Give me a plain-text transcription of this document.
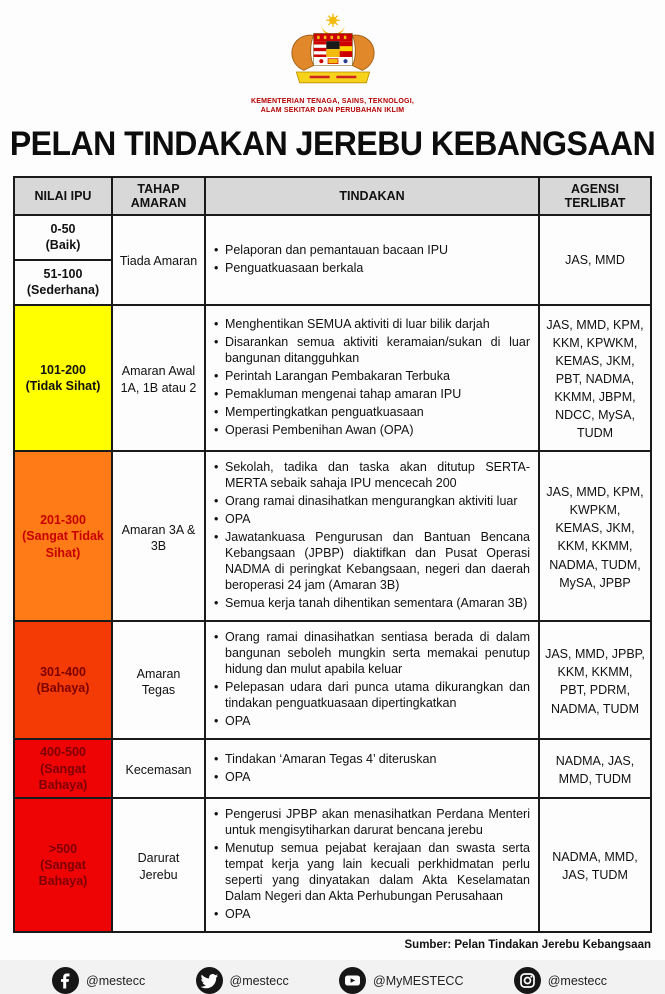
KEMENTERIAN TENAGA, SAINS, TEKNOLOGI,
ALAM SEKITAR DAN PERUBAHAN IKLIM
PELAN TINDAKAN JEREBU KEBANGSAAN
NILAI IPU	TAHAP AMARAN	TINDAKAN	AGENSI TERLIBAT

0-50
(Baik)
	Tiada Amaran	
• Pelaporan dan pemantauan bacaan IPU
• Penguatkuasaan berkala
	JAS, MMD

51-100
(Sederhana)			

101-200
(Tidak Sihat)
	Amaran Awal 1A, 1B atau 2	
• Menghentikan SEMUA aktiviti di luar bilik darjah
• Disarankan semua aktiviti keramaian/sukan di luar bangunan ditangguhkan
• Perintah Larangan Pembakaran Terbuka
• Pemakluman mengenai tahap amaran IPU
• Mempertingkatkan penguatkuasaan
• Operasi Pembenihan Awan (OPA)
	JAS, MMD, KPM, KKM, KPWKM, KEMAS, JKM, PBT, NADMA, KKMM, JBPM, NDCC, MySA, TUDM

201-300
(Sangat Tidak Sihat)
	Amaran 3A & 3B	
• Sekolah, tadika dan taska akan ditutup SERTA-MERTA sebaik sahaja IPU mencecah 200
• Orang ramai dinasihatkan mengurangkan aktiviti luar
• OPA
• Jawatankuasa Pengurusan dan Bantuan Bencana Kebangsaan (JPBP) diaktifkan dan Pusat Operasi NADMA di peringkat Kebangsaan, negeri dan daerah beroperasi 24 jam (Amaran 3B)
• Semua kerja tanah dihentikan sementara (Amaran 3B)
	JAS, MMD, KPM, KWPKM, KEMAS, JKM, KKM, KKMM, NADMA, TUDM, MySA, JPBP

301-400
(Bahaya)
	Amaran Tegas	
• Orang ramai dinasihatkan sentiasa berada di dalam bangunan seboleh mungkin serta memakai penutup hidung dan mulut apabila keluar
• Pelepasan udara dari punca utama dikurangkan dan tindakan penguatkuasaan dipertingkatkan
• OPA
	JAS, MMD, JPBP, KKM, KKMM, PBT, PDRM, NADMA, TUDM

400-500
(Sangat Bahaya)
	Kecemasan	
• Tindakan ‘Amaran Tegas 4’ diteruskan
• OPA
	NADMA, JAS, MMD, TUDM

>500
(Sangat Bahaya)
	Darurat Jerebu	
• Pengerusi JPBP akan menasihatkan Perdana Menteri untuk mengisytiharkan darurat bencana jerebu
• Menutup semua pejabat kerajaan dan swasta serta tempat kerja yang lain kecuali perkhidmatan perlu seperti yang dinyatakan dalam Akta Keselamatan Dalam Negeri dan Akta Perhubungan Perusahaan
• OPA
	NADMA, MMD, JAS, TUDM
Sumber: Pelan Tindakan Jerebu Kebangsaan
@mestecc	@mestecc	@MyMESTECC	@mestecc
